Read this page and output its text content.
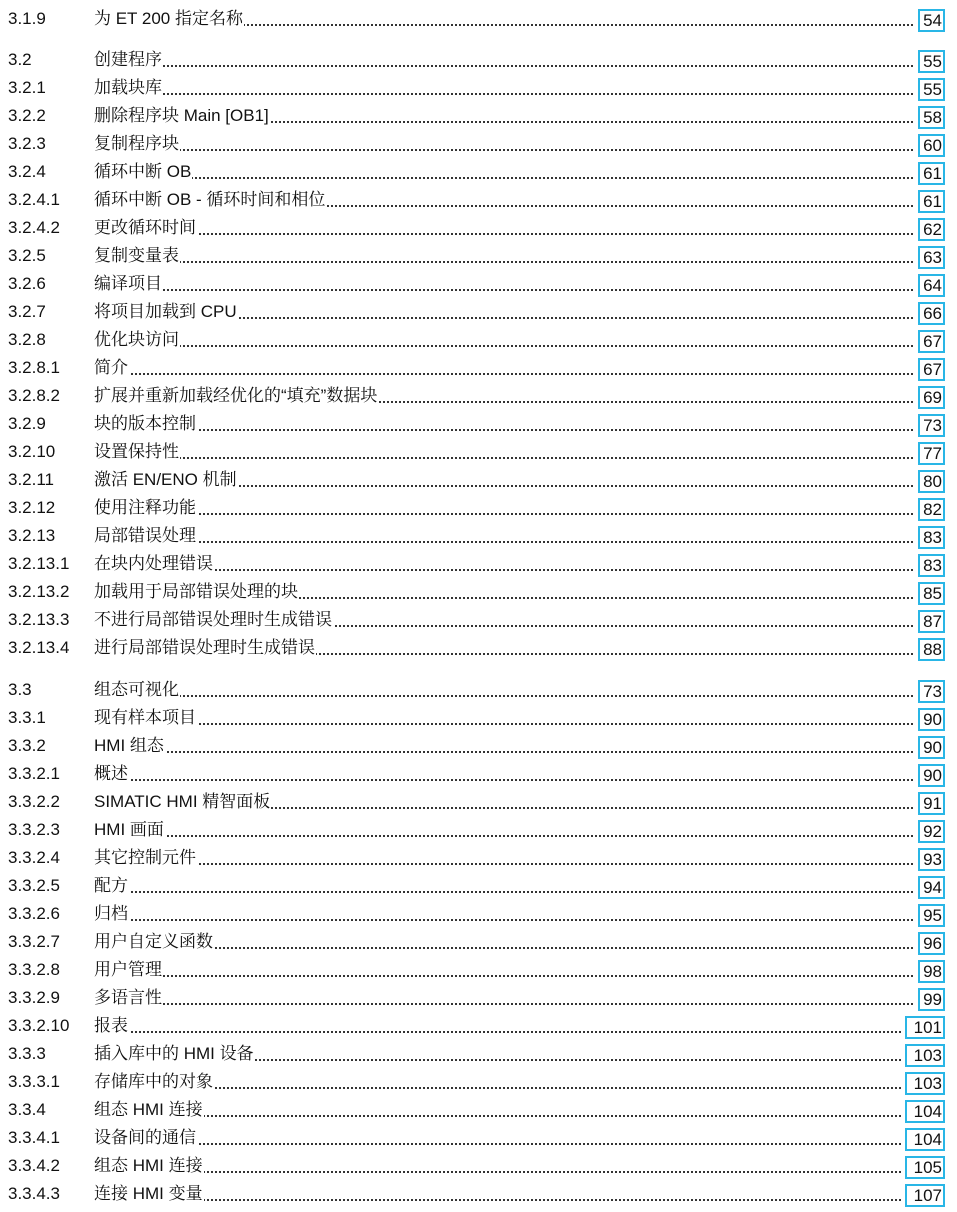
3.1.9	为 ET 200 指定名称	54
3.2	创建程序	55
3.2.1	加载块库	55
3.2.2	删除程序块 Main [OB1]	58
3.2.3	复制程序块	60
3.2.4	循环中断 OB	61
3.2.4.1 循环中断 OB - 循环时间和相位	61
3.2.4.2 更改循环时间	62
3.2.5	复制变量表	63
3.2.6	编译项目	64
3.2.7	将项目加载到 CPU	66
3.2.8	优化块访问	67
3.2.8.1 简介	67
3.2.8.2 扩展并重新加载经优化的“填充”数据块	69
3.2.9	块的版本控制	73
3.2.10 设置保持性	77
3.2.11 激活 EN/ENO 机制	80
3.2.12 使用注释功能	82
3.2.13 局部错误处理	83
3.2.13.1 在块内处理错误	83
3.2.13.2 加载用于局部错误处理的块	85
3.2.13.3 不进行局部错误处理时生成错误	87
3.2.13.4 进行局部错误处理时生成错误	88
3.3	组态可视化	73
3.3.1	现有样本项目	90
3.3.2	HMI 组态	90
3.3.2.1 概述	90
3.3.2.2 SIMATIC HMI 精智面板	91
3.3.2.3 HMI 画面	92
3.3.2.4 其它控制元件	93
3.3.2.5 配方	94
3.3.2.6 归档	95
3.3.2.7 用户自定义函数	96
3.3.2.8 用户管理	98
3.3.2.9 多语言性	99
3.3.2.10 报表	101
3.3.3	插入库中的 HMI 设备	103
3.3.3.1 存储库中的对象	103
3.3.4	组态 HMI 连接	104
3.3.4.1 设备间的通信	104
3.3.4.2 组态 HMI 连接	105
3.3.4.3 连接 HMI 变量	107
